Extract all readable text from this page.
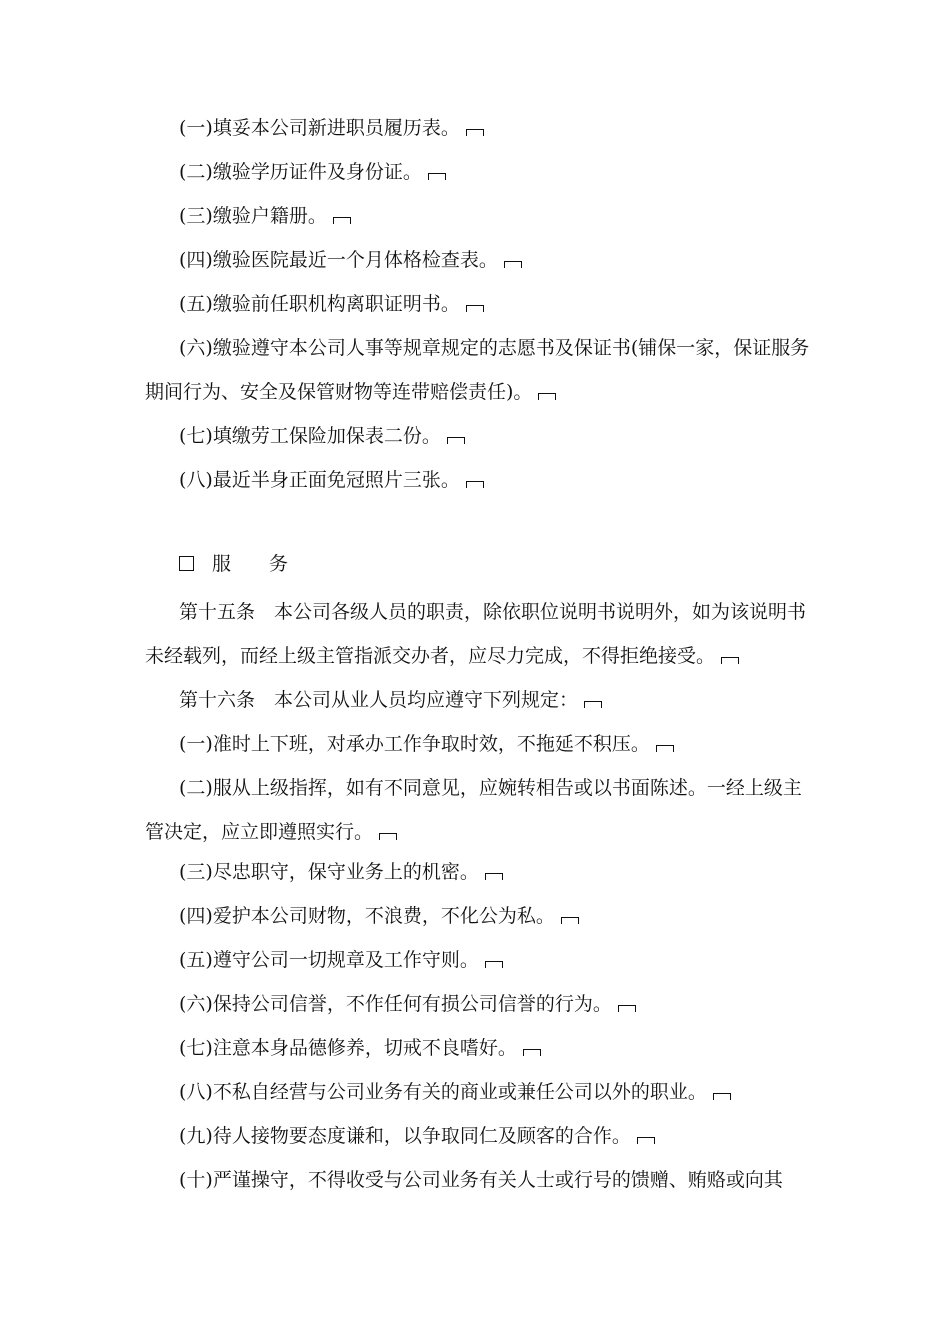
(一)填妥本公司新进职员履历表。

(二)缴验学历证件及身份证。

(三)缴验户籍册。

(四)缴验医院最近一个月体格检查表。

(五)缴验前任职机构离职证明书。

(六)缴验遵守本公司人事等规章规定的志愿书及保证书(铺保一家，保证服务期间行为、安全及保管财物等连带赔偿责任)。

(七)填缴劳工保险加保表二份。

(八)最近半身正面免冠照片三张。

服 务

第十五条　本公司各级人员的职责，除依职位说明书说明外，如为该说明书未经载列，而经上级主管指派交办者，应尽力完成，不得拒绝接受。

第十六条　本公司从业人员均应遵守下列规定：

(一)准时上下班，对承办工作争取时效，不拖延不积压。

(二)服从上级指挥，如有不同意见，应婉转相告或以书面陈述。一经上级主管决定，应立即遵照实行。

(三)尽忠职守，保守业务上的机密。

(四)爱护本公司财物，不浪费，不化公为私。

(五)遵守公司一切规章及工作守则。

(六)保持公司信誉，不作任何有损公司信誉的行为。

(七)注意本身品德修养，切戒不良嗜好。

(八)不私自经营与公司业务有关的商业或兼任公司以外的职业。

(九)待人接物要态度谦和，以争取同仁及顾客的合作。

(十)严谨操守，不得收受与公司业务有关人士或行号的馈赠、贿赂或向其
